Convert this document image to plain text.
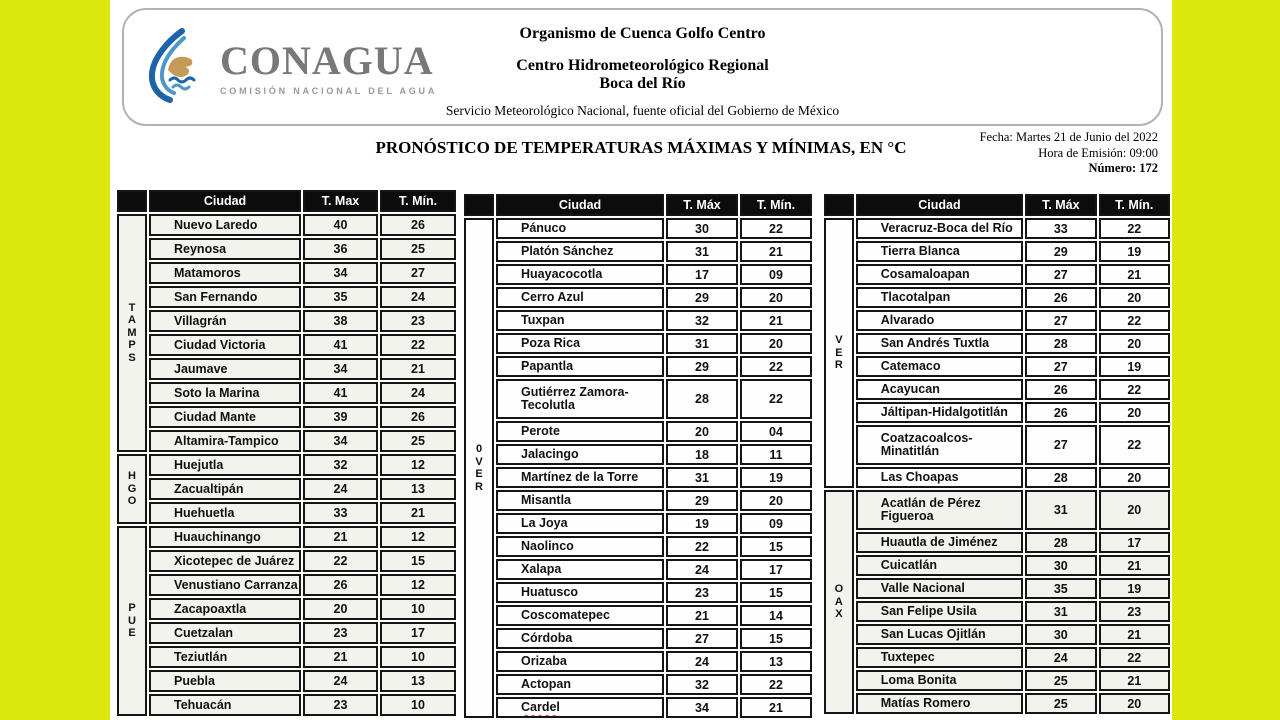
CONAGUA
COMISIÓN NACIONAL DEL AGUA
Organismo de Cuenca Golfo Centro
Centro Hidrometeorológico Regional
Boca del Río
Servicio Meteorológico Nacional, fuente oficial del Gobierno de México
PRONÓSTICO DE TEMPERATURAS MÁXIMAS Y MÍNIMAS, EN °C
Fecha: Martes 21 de Junio del 2022
Hora de Emisión: 09:00
Número: 172
	Ciudad	T. Max	T. Mín.

T
A
M
P
S	Nuevo Laredo	40	26
	Reynosa	36	25
	Matamoros	34	27
	San Fernando	35	24
	Villagrán	38	23
	Ciudad Victoria	41	22
	Jaumave	34	21
	Soto la Marina	41	24
	Ciudad Mante	39	26
	Altamira-Tampico	34	25

H
G
O	Huejutla	32	12
	Zacualtipán	24	13
	Huehuetla	33	21

P
U
E	Huauchinango	21	12
	Xicotepec de Juárez	22	15
	Venustiano Carranza	26	12
	Zacapoaxtla	20	10
	Cuetzalan	23	17
	Teziutlán	21	10
	Puebla	24	13
	Tehuacán	23	10
	Ciudad	T. Máx	T. Mín.

0
V
E
R	Pánuco	30	22
	Platón Sánchez	31	21
	Huayacocotla	17	09
	Cerro Azul	29	20
	Tuxpan	32	21
	Poza Rica	31	20
	Papantla	29	22
	Gutiérrez Zamora-Tecolutla	28	22
	Perote	20	04
	Jalacingo	18	11
	Martínez de la Torre	31	19
	Misantla	29	20
	La Joya	19	09
	Naolinco	22	15
	Xalapa	24	17
	Huatusco	23	15
	Coscomatepec	21	14
	Córdoba	27	15
	Orizaba	24	13
	Actopan	32	22
	Cardel	34	21
	Ciudad	T. Máx	T. Mín.

V
E
R	Veracruz-Boca del Río	33	22
	Tierra Blanca	29	19
	Cosamaloapan	27	21
	Tlacotalpan	26	20
	Alvarado	27	22
	San Andrés Tuxtla	28	20
	Catemaco	27	19
	Acayucan	26	22
	Jáltipan-Hidalgotitlán	26	20
	Coatzacoalcos-Minatitlán	27	22
	Las Choapas	28	20

O
A
X	Acatlán de Pérez Figueroa	31	20
	Huautla de Jiménez	28	17
	Cuicatlán	30	21
	Valle Nacional	35	19
	San Felipe Usila	31	23
	San Lucas Ojitlán	30	21
	Tuxtepec	24	22
	Loma Bonita	25	21
	Matías Romero	25	20
